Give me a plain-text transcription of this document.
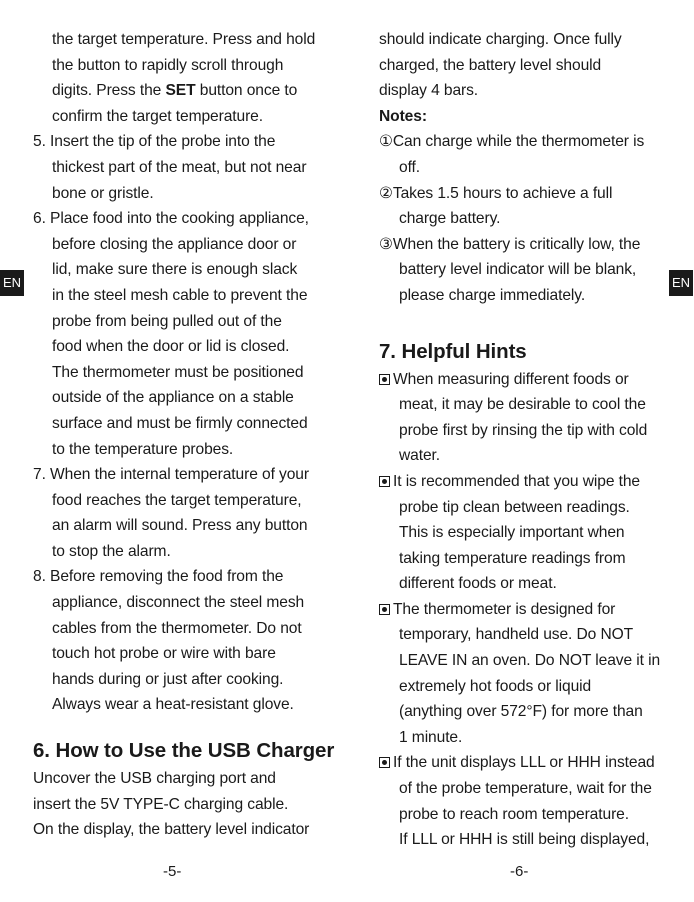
EN
the target temperature. Press and hold
the button to rapidly scroll through
digits. Press the SET button once to
confirm the target temperature.
5. Insert the tip of the probe into the
thickest part of the meat, but not near
bone or gristle.
6. Place food into the cooking appliance,
before closing the appliance door or
lid, make sure there is enough slack
in the steel mesh cable to prevent the
probe from being pulled out of the
food when the door or lid is closed.
The thermometer must be positioned
outside of the appliance on a stable
surface and must be firmly connected
to the temperature probes.
7. When the internal temperature of your
food reaches the target temperature,
an alarm will sound. Press any button
to stop the alarm.
8. Before removing the food from the
appliance, disconnect the steel mesh
cables from the thermometer. Do not
touch hot probe or wire with bare
hands during or just after cooking.
Always wear a heat-resistant glove.
6. How to Use the USB Charger
Uncover the USB charging port and
insert the 5V TYPE-C charging cable.
On the display, the battery level indicator
-5-
EN
-6-
should indicate charging. Once fully
charged, the battery level should
display 4 bars.
Notes:
①Can charge while the thermometer is
off.
②Takes 1.5 hours to achieve a full
charge battery.
③When the battery is critically low, the
battery level indicator will be blank,
please charge immediately.
7. Helpful Hints
When measuring different foods or
meat, it may be desirable to cool the
probe first by rinsing the tip with cold
water.
It is recommended that you wipe the
probe tip clean between readings.
This is especially important when
taking temperature readings from
different foods or meat.
The thermometer is designed for
temporary, handheld use. Do NOT
LEAVE IN an oven. Do NOT leave it in
extremely hot foods or liquid
(anything over 572°F) for more than
1 minute.
If the unit displays LLL or HHH instead
of the probe temperature, wait for the
probe to reach room temperature.
If LLL or HHH is still being displayed,
